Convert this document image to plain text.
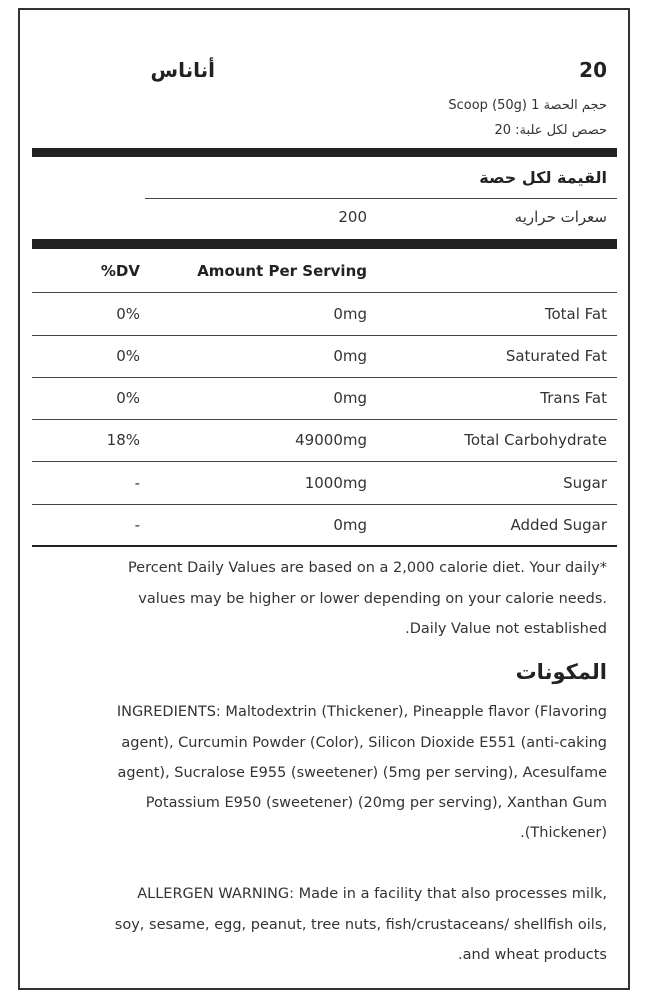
أناناس	20
حجم الحصة 1 Scoop (50g)
حصص لكل علبة: 20
القيمة لكل حصة
سعرات حراريه
200
%DV	Amount Per Serving
0%	0mg	Total Fat
0%	0mg	Saturated Fat
0%	0mg	Trans Fat
18%	49000mg	Total Carbohydrate
-	1000mg	Sugar
-	0mg	Added Sugar
Percent Daily Values are based on a 2,000 calorie diet. Your daily*
values may be higher or lower depending on your calorie needs.
.Daily Value not established
المكونات
INGREDIENTS: Maltodextrin (Thickener), Pineapple flavor (Flavoring
agent), Curcumin Powder (Color), Silicon Dioxide E551 (anti-caking
agent), Sucralose E955 (sweetener) (5mg per serving), Acesulfame
Potassium E950 (sweetener) (20mg per serving), Xanthan Gum
.(Thickener)
ALLERGEN WARNING: Made in a facility that also processes milk,
soy, sesame, egg, peanut, tree nuts, fish/crustaceans/ shellfish oils,
.and wheat products
